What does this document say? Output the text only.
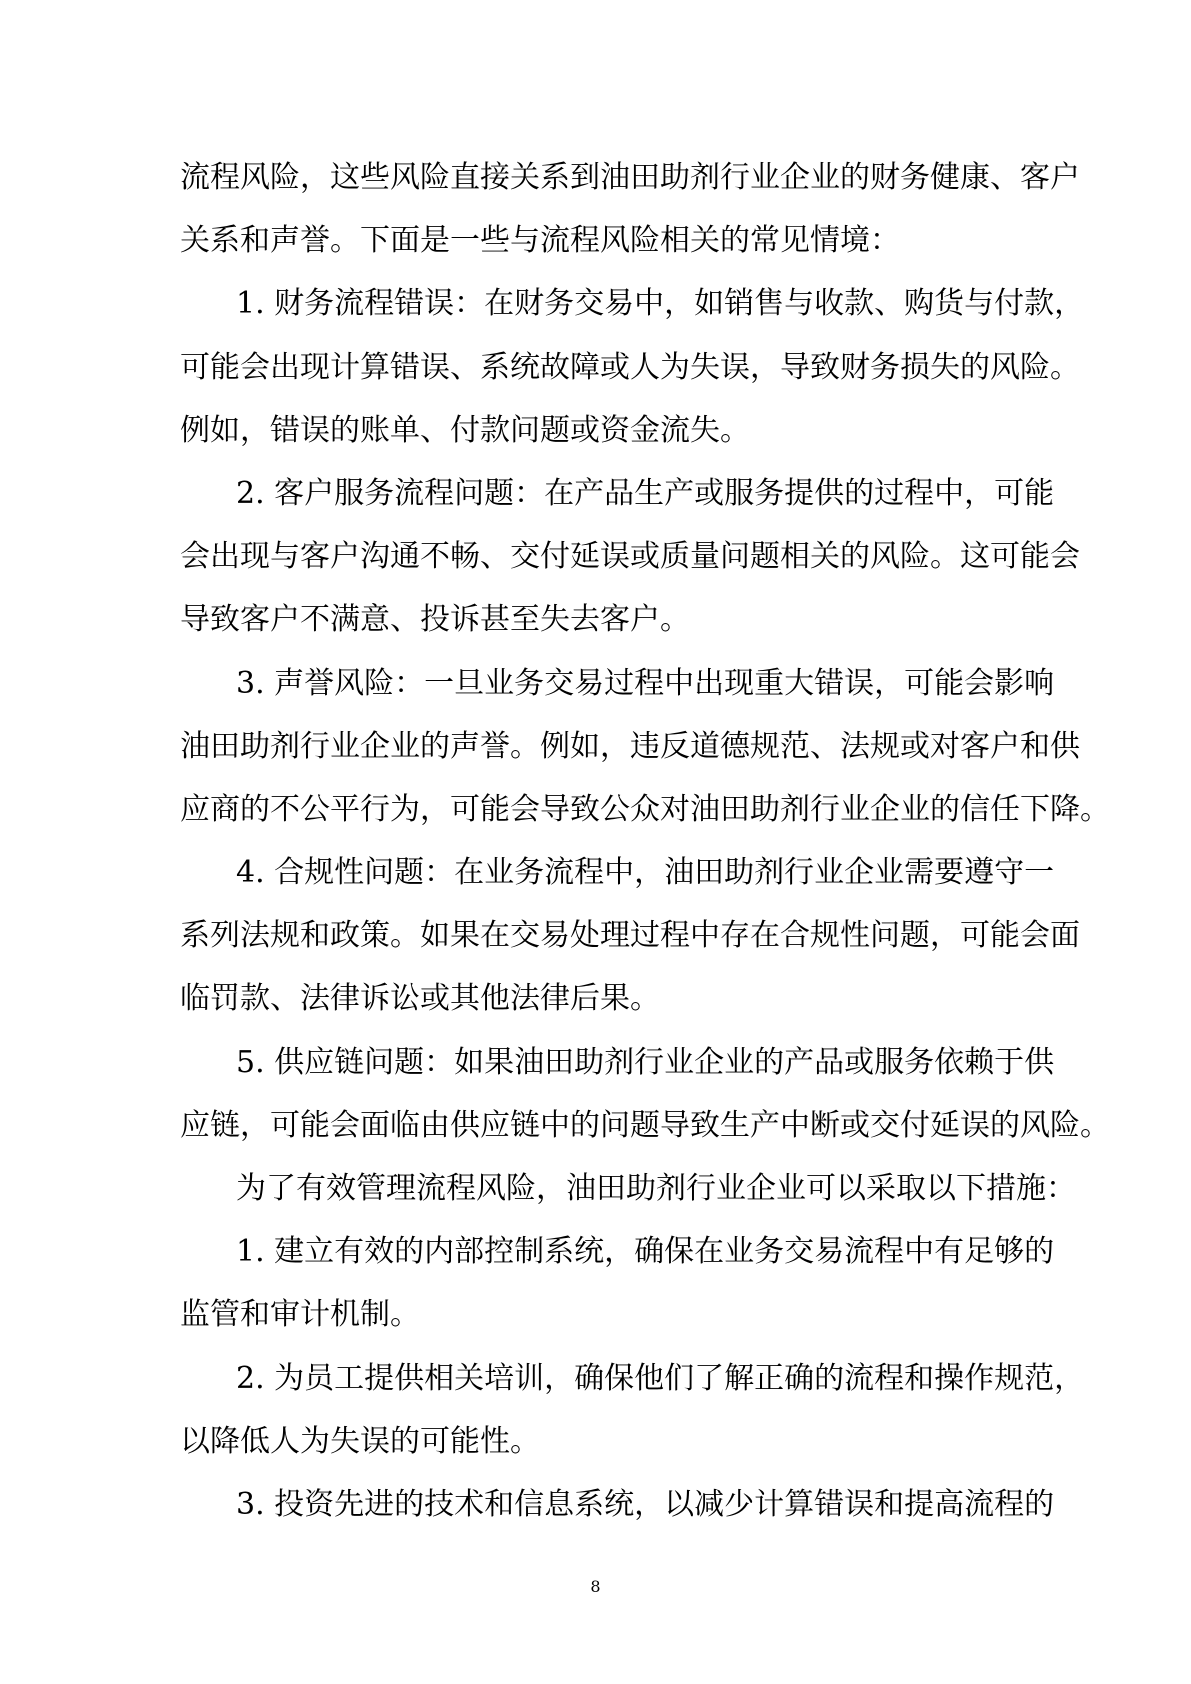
流程风险，这些风险直接关系到油田助剂行业企业的财务健康、客户
关系和声誉。下面是一些与流程风险相关的常见情境：
1. 财务流程错误：在财务交易中，如销售与收款、购货与付款，
可能会出现计算错误、系统故障或人为失误，导致财务损失的风险。
例如，错误的账单、付款问题或资金流失。
2. 客户服务流程问题：在产品生产或服务提供的过程中，可能
会出现与客户沟通不畅、交付延误或质量问题相关的风险。这可能会
导致客户不满意、投诉甚至失去客户。
3. 声誉风险：一旦业务交易过程中出现重大错误，可能会影响
油田助剂行业企业的声誉。例如，违反道德规范、法规或对客户和供
应商的不公平行为，可能会导致公众对油田助剂行业企业的信任下降。
4. 合规性问题：在业务流程中，油田助剂行业企业需要遵守一
系列法规和政策。如果在交易处理过程中存在合规性问题，可能会面
临罚款、法律诉讼或其他法律后果。
5. 供应链问题：如果油田助剂行业企业的产品或服务依赖于供
应链，可能会面临由供应链中的问题导致生产中断或交付延误的风险。
为了有效管理流程风险，油田助剂行业企业可以采取以下措施：
1. 建立有效的内部控制系统，确保在业务交易流程中有足够的
监管和审计机制。
2. 为员工提供相关培训，确保他们了解正确的流程和操作规范，
以降低人为失误的可能性。
3. 投资先进的技术和信息系统，以减少计算错误和提高流程的
8
